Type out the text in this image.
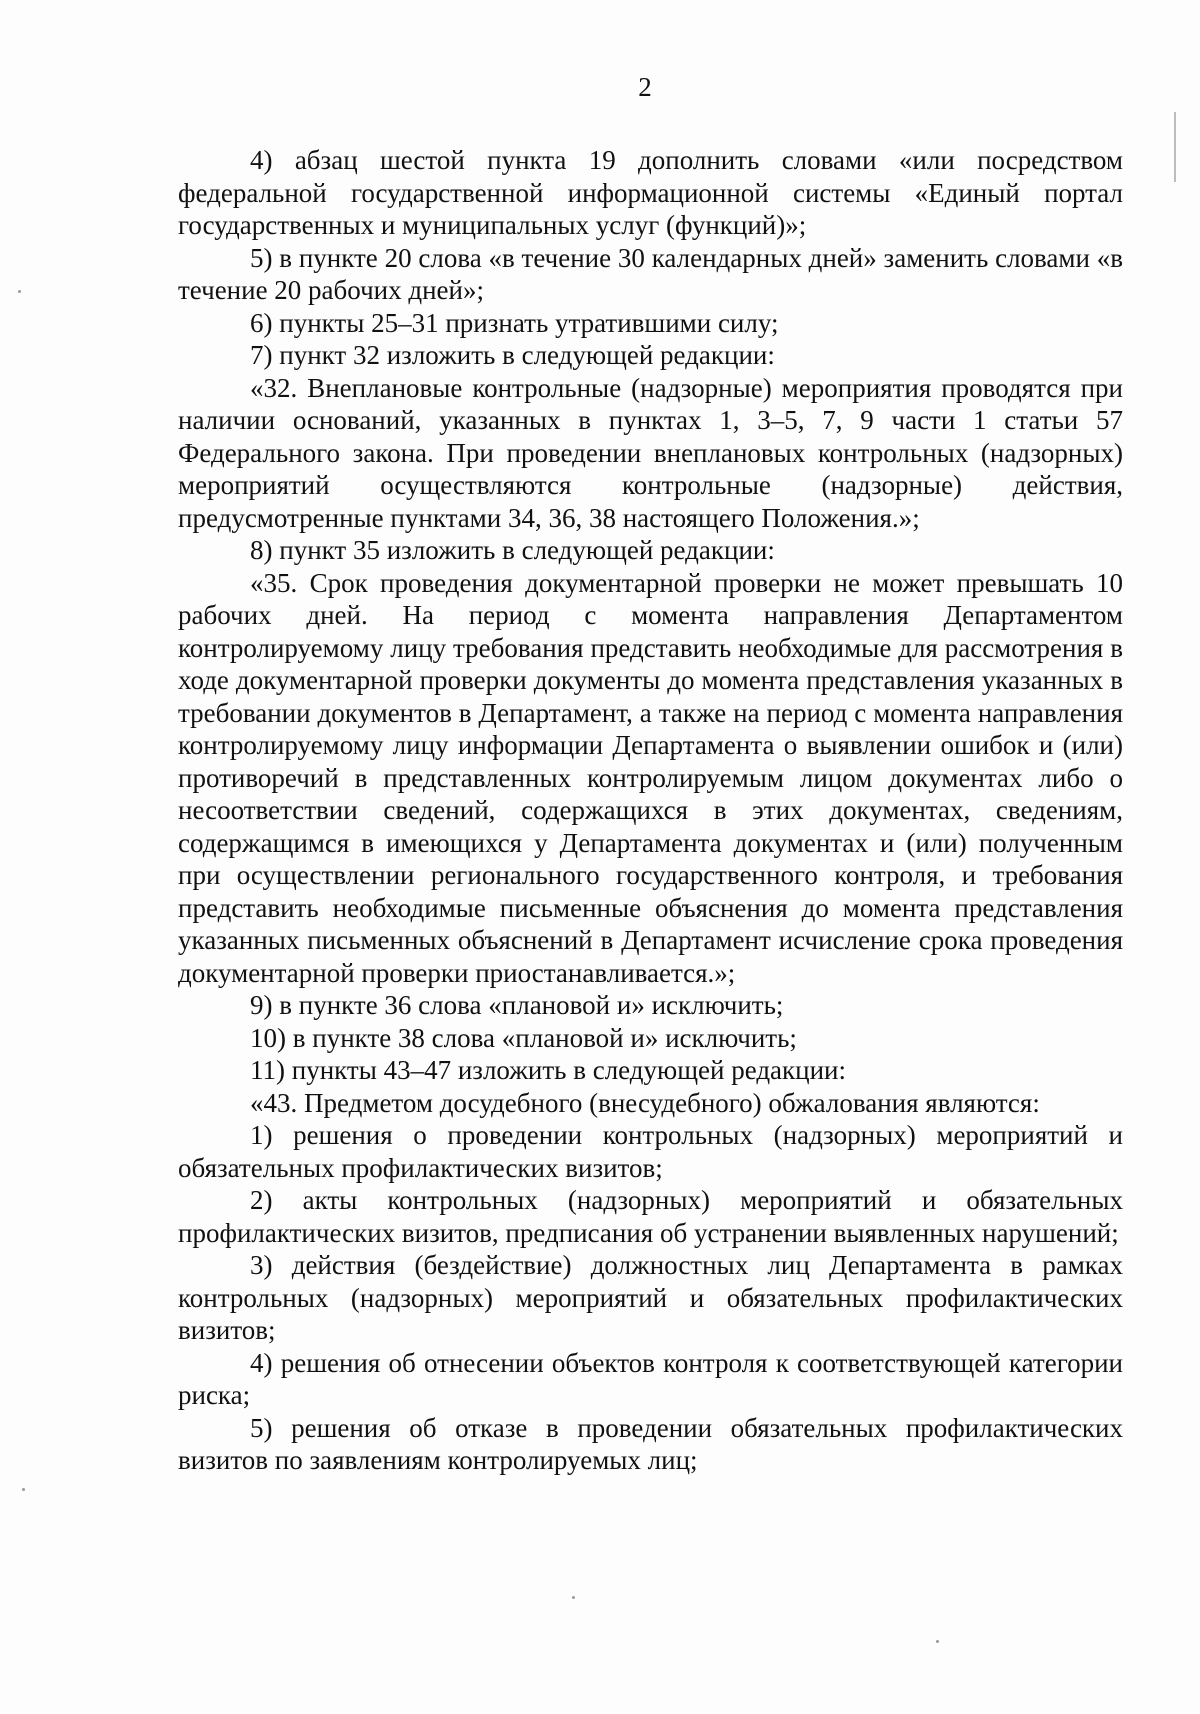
2

4) абзац шестой пункта 19 дополнить словами «или посредством федеральной государственной информационной системы «Единый портал государственных и муниципальных услуг (функций)»;

5) в пункте 20 слова «в течение 30 календарных дней» заменить словами «в течение 20 рабочих дней»;

6) пункты 25–31 признать утратившими силу;

7) пункт 32 изложить в следующей редакции:

«32. Внеплановые контрольные (надзорные) мероприятия проводятся при наличии оснований, указанных в пунктах 1, 3–5, 7, 9 части 1 статьи 57 Федерального закона. При проведении внеплановых контрольных (надзорных) мероприятий осуществляются контрольные (надзорные) действия, предусмотренные пунктами 34, 36, 38 настоящего Положения.»;

8) пункт 35 изложить в следующей редакции:

«35. Срок проведения документарной проверки не может превышать 10 рабочих дней. На период с момента направления Департаментом контролируемому лицу требования представить необходимые для рассмотрения в ходе документарной проверки документы до момента представления указанных в требовании документов в Департамент, а также на период с момента направления контролируемому лицу информации Департамента о выявлении ошибок и (или) противоречий в представленных контролируемым лицом документах либо о несоответствии сведений, содержащихся в этих документах, сведениям, содержащимся в имеющихся у Департамента документах и (или) полученным при осуществлении регионального государственного контроля, и требования представить необходимые письменные объяснения до момента представления указанных письменных объяснений в Департамент исчисление срока проведения документарной проверки приостанавливается.»;

9) в пункте 36 слова «плановой и» исключить;

10) в пункте 38 слова «плановой и» исключить;

11) пункты 43–47 изложить в следующей редакции:

«43. Предметом досудебного (внесудебного) обжалования являются:

1) решения о проведении контрольных (надзорных) мероприятий и обязательных профилактических визитов;

2) акты контрольных (надзорных) мероприятий и обязательных профилактических визитов, предписания об устранении выявленных нарушений;

3) действия (бездействие) должностных лиц Департамента в рамках контрольных (надзорных) мероприятий и обязательных профилактических визитов;

4) решения об отнесении объектов контроля к соответствующей категории риска;

5) решения об отказе в проведении обязательных профилактических визитов по заявлениям контролируемых лиц;
